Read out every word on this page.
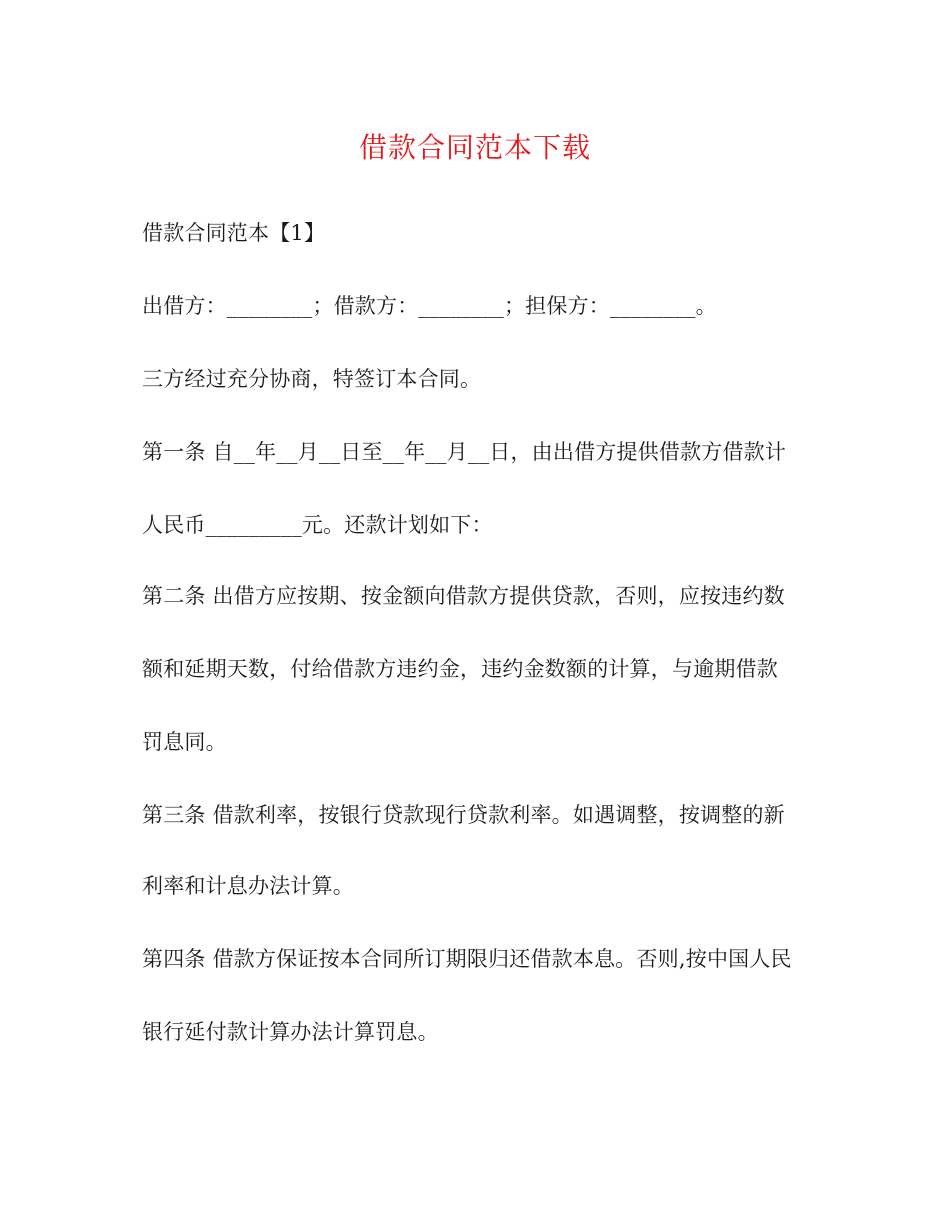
借款合同范本下载
借款合同范本【1】
出借方：________；借款方：________；担保方：________。
三方经过充分协商，特签订本合同。
第一条 自__年__月__日至__年__月__日，由出借方提供借款方借款计
人民币_________元。还款计划如下：
第二条 出借方应按期、按金额向借款方提供贷款，否则，应按违约数
额和延期天数，付给借款方违约金，违约金数额的计算，与逾期借款
罚息同。
第三条 借款利率，按银行贷款现行贷款利率。如遇调整，按调整的新
利率和计息办法计算。
第四条 借款方保证按本合同所订期限归还借款本息。否则,按中国人民
银行延付款计算办法计算罚息。
